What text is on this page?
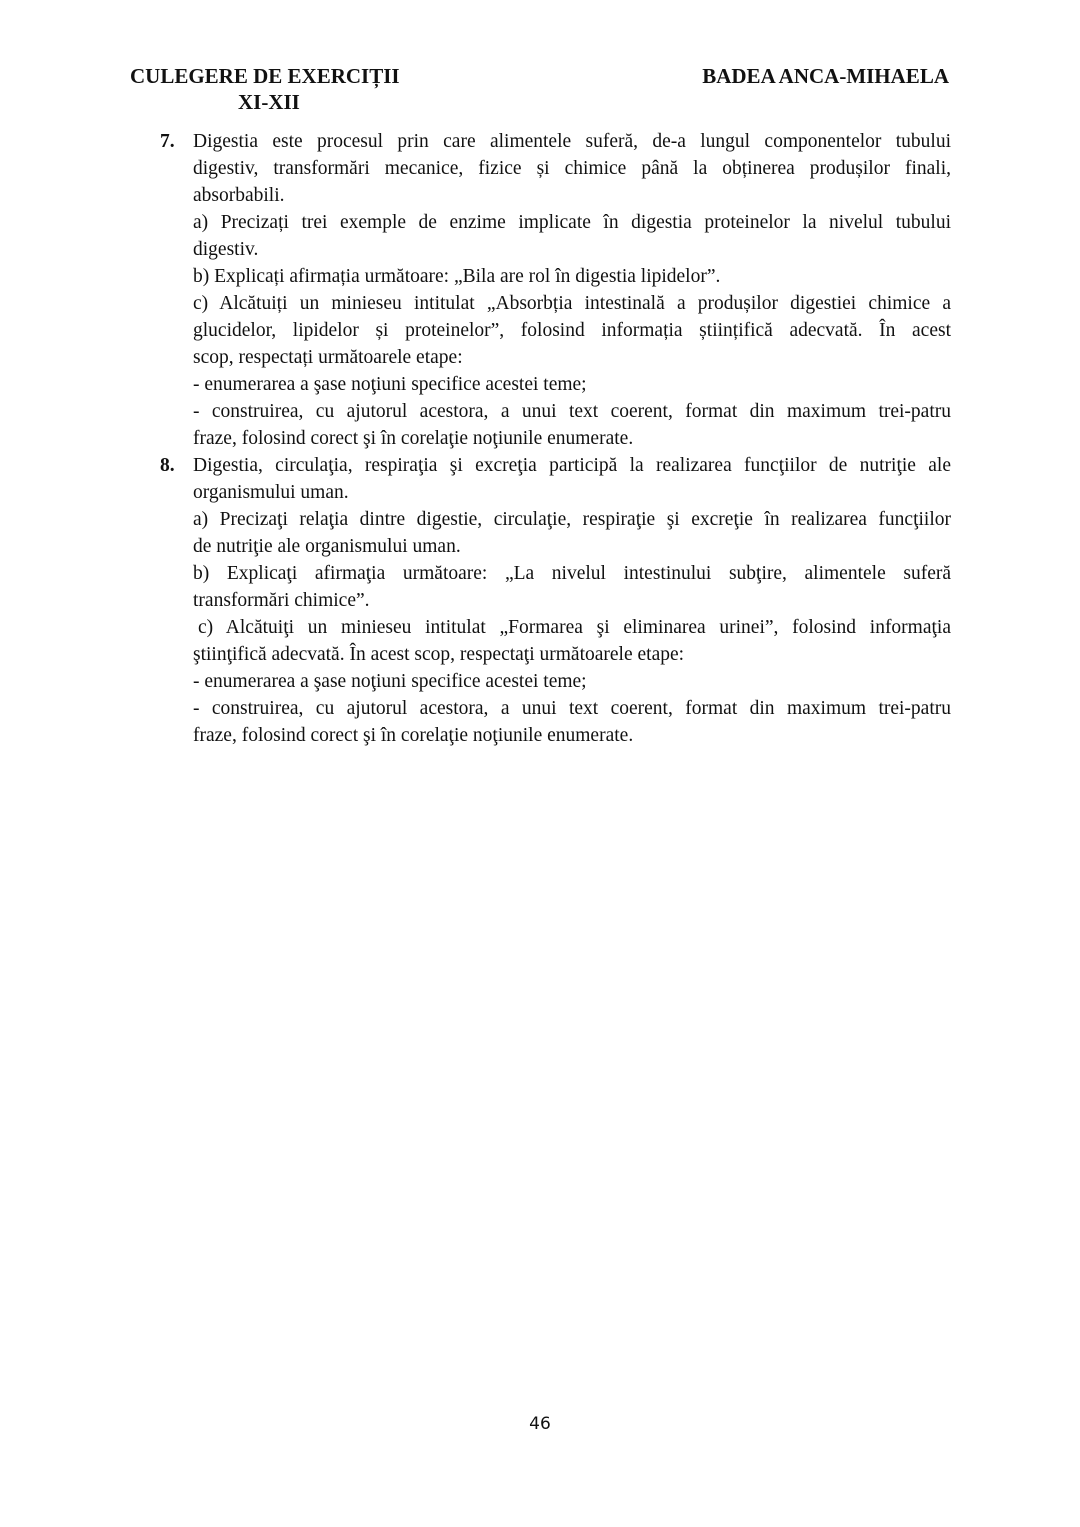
CULEGERE DE EXERCIȚII
XI-XII
BADEA ANCA-MIHAELA
7. Digestia este procesul prin care alimentele suferă, de-a lungul componentelor tubului
digestiv, transformări mecanice, fizice și chimice până la obținerea produșilor finali,
absorbabili.
a) Precizați trei exemple de enzime implicate în digestia proteinelor la nivelul tubului
digestiv.
b) Explicați afirmația următoare: „Bila are rol în digestia lipidelor”.
c) Alcătuiți un minieseu intitulat „Absorbția intestinală a produșilor digestiei chimice a
glucidelor, lipidelor și proteinelor”, folosind informația științifică adecvată. În acest
scop, respectați următoarele etape:
- enumerarea a şase noţiuni specifice acestei teme;
- construirea, cu ajutorul acestora, a unui text coerent, format din maximum trei-patru
fraze, folosind corect şi în corelaţie noţiunile enumerate.
8. Digestia, circulaţia, respiraţia şi excreţia participă la realizarea funcţiilor de nutriţie ale
organismului uman.
a) Precizaţi relaţia dintre digestie, circulaţie, respiraţie şi excreţie în realizarea funcţiilor
de nutriţie ale organismului uman.
b) Explicaţi afirmaţia următoare: „La nivelul intestinului subţire, alimentele suferă
transformări chimice”.
c) Alcătuiţi un minieseu intitulat „Formarea şi eliminarea urinei”, folosind informaţia
ştiinţifică adecvată. În acest scop, respectaţi următoarele etape:
- enumerarea a şase noţiuni specifice acestei teme;
- construirea, cu ajutorul acestora, a unui text coerent, format din maximum trei-patru
fraze, folosind corect şi în corelaţie noţiunile enumerate.
46
